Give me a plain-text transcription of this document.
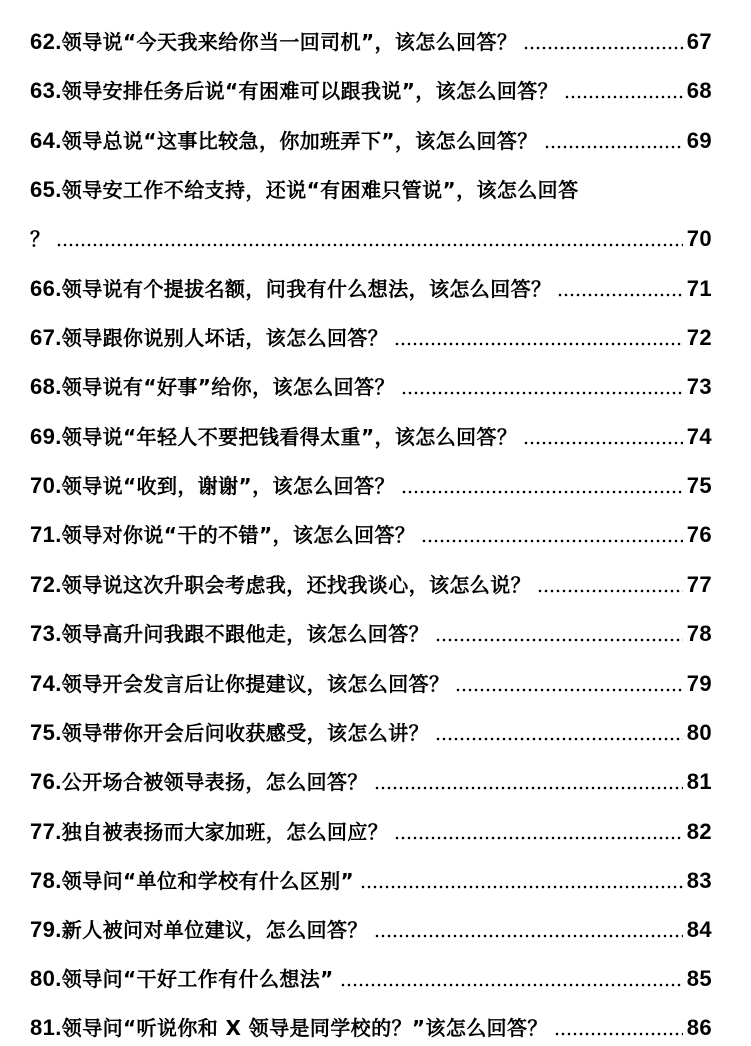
62. 领导说“今天我来给你当一回司机”，该怎么回答？	67
63. 领导安排任务后说“有困难可以跟我说”，该怎么回答？	68
64. 领导总说“这事比较急，你加班弄下”，该怎么回答？	69
65. 领导安工作不给支持，还说“有困难只管说”，该怎么回答
？	70
66. 领导说有个提拔名额，问我有什么想法，该怎么回答？	71
67. 领导跟你说别人坏话，该怎么回答？	72
68. 领导说有“好事”给你，该怎么回答？	73
69. 领导说“年轻人不要把钱看得太重”，该怎么回答？	74
70. 领导说“收到，谢谢”，该怎么回答？	75
71. 领导对你说“干的不错”，该怎么回答？	76
72. 领导说这次升职会考虑我，还找我谈心，该怎么说？	77
73. 领导高升问我跟不跟他走，该怎么回答？	78
74. 领导开会发言后让你提建议，该怎么回答？	79
75. 领导带你开会后问收获感受，该怎么讲？	80
76. 公开场合被领导表扬，怎么回答？	81
77. 独自被表扬而大家加班，怎么回应？	82
78. 领导问“单位和学校有什么区别”	83
79. 新人被问对单位建议，怎么回答？	84
80. 领导问“干好工作有什么想法”	85
81. 领导问“听说你和 X 领导是同学校的？”该怎么回答？	86
